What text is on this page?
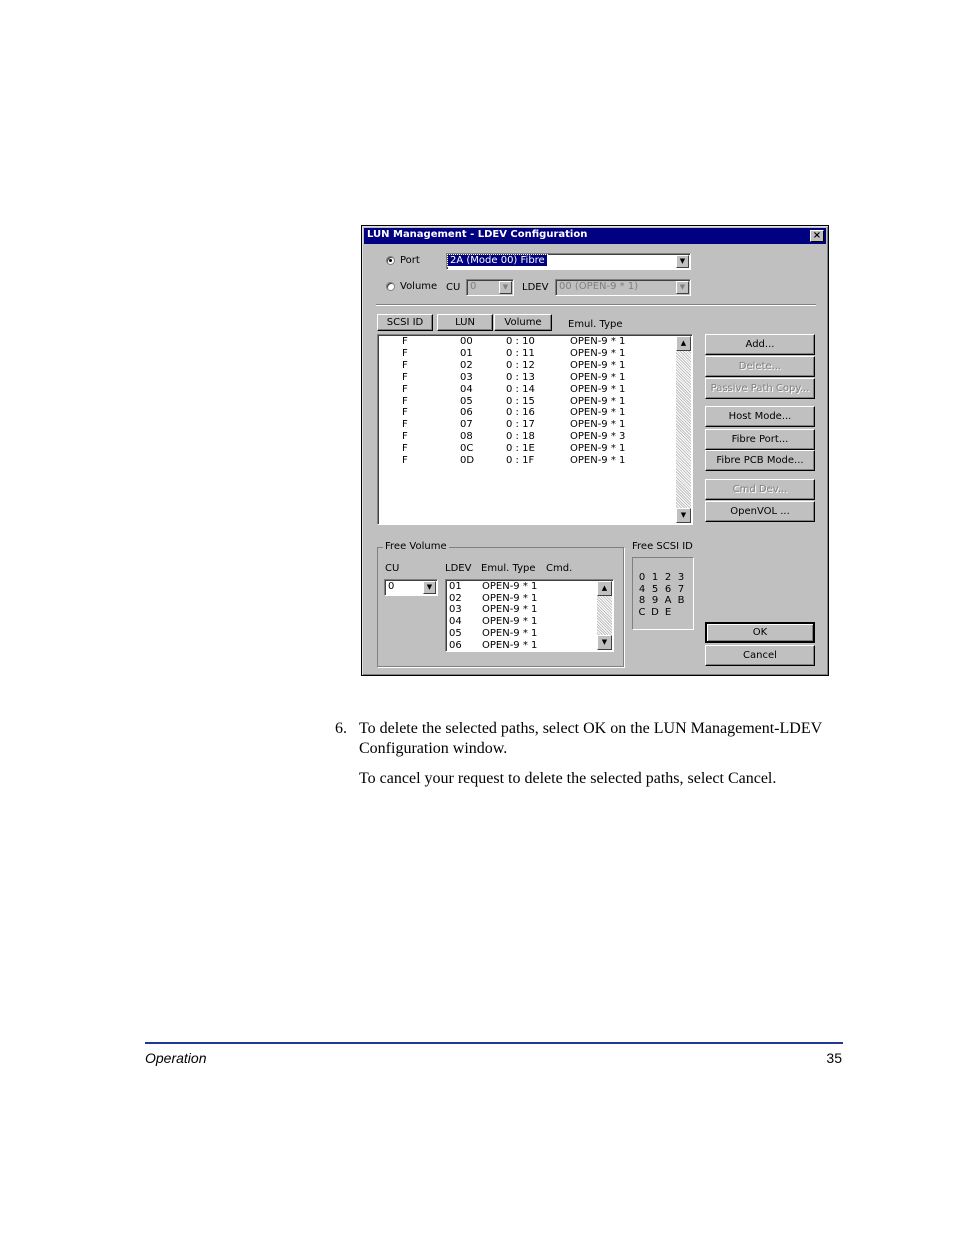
LUN Management - LDEV Configuration	×
Port	2A (Mode 00) Fibre	▼
Volume CU 0	▼	LDEV 00 (OPEN-9 * 1)	▼
SCSI ID	LUN	Volume	Emul. Type
F	00	0 : 10	OPEN-9 * 1
F	01	0 : 11	OPEN-9 * 1
F	02	0 : 12	OPEN-9 * 1
F	03	0 : 13	OPEN-9 * 1
F	04	0 : 14	OPEN-9 * 1
F	05	0 : 15	OPEN-9 * 1
F	06	0 : 16	OPEN-9 * 1
F	07	0 : 17	OPEN-9 * 1
F	08	0 : 18	OPEN-9 * 3
F	0C	0 : 1E	OPEN-9 * 1
F	0D	0 : 1F	OPEN-9 * 1
▲
▼
Add...
Delete...
Passive Path Copy...
Host Mode...
Fibre Port...
Fibre PCB Mode...
Cmd Dev...
OpenVOL ...
Free Volume
CU	LDEV Emul. Type Cmd.
0	▼	01 OPEN-9 * 1
02 OPEN-9 * 1
03 OPEN-9 * 1
04 OPEN-9 * 1
05 OPEN-9 * 1
06 OPEN-9 * 1
▲
▼
Free SCSI ID
0 1 2 3
4 5 6 7
8 9 A B
C D E
OK
Cancel
6. To delete the selected paths, select OK on the LUN Management-LDEV
Configuration window.
To cancel your request to delete the selected paths, select Cancel.
Operation	35
